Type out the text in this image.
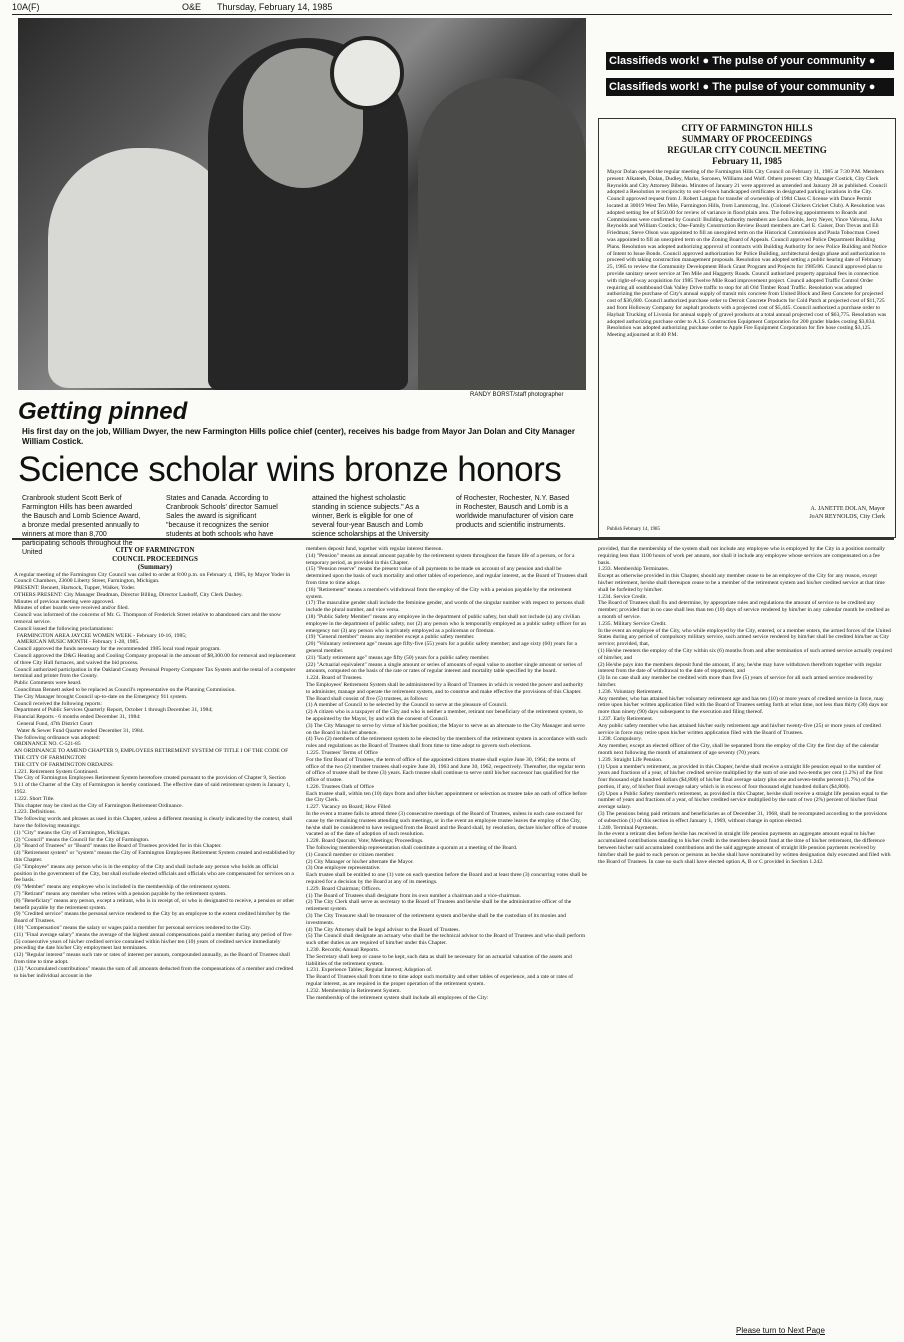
10A(F)	O&E Thursday, February 14, 1985
RANDY BORST/staff photographer
Getting pinned
His first day on the job, William Dwyer, the new Farmington Hills police chief (center), receives his badge from Mayor Jan Dolan and City Manager William Costick.
Science scholar wins bronze honors
Cranbrook student Scott Berk of Farmington Hills has been awarded the Bausch and Lomb Science Award, a bronze medal presented annually to winners at more than 8,700 participating schools throughout the United
States and Canada. According to Cranbrook Schools' director Samuel Sales the award is significant "because it recognizes the senior students at both schools who have
attained the highest scholastic standing in science subjects." As a winner, Berk is eligible for one of several four-year Bausch and Lomb science scholarships at the University
of Rochester, Rochester, N.Y. Based in Rochester, Bausch and Lomb is a worldwide manufacturer of vision care products and scientific instruments.
Classifieds work! ● The pulse of your community ●
Classifieds work! ● The pulse of your community ●
CITY OF FARMINGTON HILLS
SUMMARY OF PROCEEDINGS
REGULAR CITY COUNCIL MEETING
February 11, 1985
Mayor Dolan opened the regular meeting of the Farmington Hills City Council on February 11, 1985 at 7:30 P.M. Members present: Alkateeb, Dolan, Dudley, Marks, Soronen, Williams and Wolf. Others present: City Manager Costick, City Clerk Reynolds and City Attorney Bibeau. Minutes of January 21 were approved as amended and January 28 as published. Council adopted a Resolution re reciprocity to out-of-town handicapped certificates in designated parking locations in the City. Council approved request from J. Robert Langan for transfer of ownership of 1984 Class C license with Dance Permit located at 30019 West Ten Mile, Farmington Hills, from Lammcrag, Inc. (Colonel Clickers Cricket Club). A Resolution was adopted setting fee of $150.00 for review of variance in flood plain area. The following appointments to Boards and Commissions were confirmed by Council: Building Authority members are Leon Kohls, Jerry Neyer, Vince Valvona, JoAn Reynolds and William Costick; One-Family Construction Review Board members are Carl E. Gaiser, Don Trevas and Eli Friedman; Steve Olson was appointed to fill an unexpired term on the Historical Commission and Paula Tobocman Creed was appointed to fill an unexpired term on the Zoning Board of Appeals. Council approved Police Department Building Plans. Resolution was adopted authorizing approval of contracts with Building Authority for new Police Building and Notice of Intent to Issue Bonds. Council approved authorization for Police Building, architectural design phase and authorization to proceed with taking construction management proposals. Resolution was adopted setting a public hearing date of February 25, 1985 to review the Community Development Block Grant Program and Projects for 1985/86. Council approved plan to provide sanitary sewer service at Ten Mile and Haggerty Roads. Council authorized property appraisal fees in connection with right-of-way acquisition for 1985 Twelve Mile Road improvement project. Council adopted Traffic Control Order requiring all southbound Oak Valley Drive traffic to stop for all Old Timber Road Traffic. Resolution was adopted authorizing the purchase of City's annual supply of transit mix concrete from United Block and Best Concrete for projected cost of $36,680. Council authorized purchase order to Detroit Concrete Products for Cold Patch at projected cost of $11,725 and from Holloway Company for asphalt products with a projected cost of $5,445. Council authorized a purchase order to Haybait Trucking of Livonia for annual supply of gravel products at a total annual projected cost of $63,775. Resolution was adopted authorizing purchase order to A.I.S. Construction Equipment Corporation for 200 grader blades costing $3,834. Resolution was adopted authorizing purchase order to Apple Fire Equipment Corporation for fire hose costing $3,125. Meeting adjourned at 8:40 P.M.
A. JANETTE DOLAN, Mayor
JoAN REYNOLDS, City Clerk
Publish February 14, 1985
CITY OF FARMINGTON
COUNCIL PROCEEDINGS
(Summary)
A regular meeting of the Farmington City Council was called to order at 8:00 p.m. on February 4, 1985, by Mayor Yoder in Council Chambers, 23600 Liberty Street, Farmington, Michigan.
PRESENT: Bennett, Hartsock, Tupper, Walker, Yoder.
OTHERS PRESENT: City Manager Deadman, Director Billing, Director Lauhoff, City Clerk Dushey.
Minutes of previous meeting were approved.
Minutes of other boards were received and/or filed.
Council was informed of the concerns of Mr. G. Thompson of Frederick Street relative to abandoned cars and the snow removal service.
Council issued the following proclamations:
FARMINGTON AREA JAYCEE WOMEN WEEK - February 10-16, 1985;
AMERICAN MUSIC MONTH - February 1-28, 1985.
Council approved the funds necessary for the recommended 1985 local road repair program.
Council approved the D&G Heating and Cooling Company proposal in the amount of $8,300.00 for removal and replacement of three City Hall furnaces, and waived the bid process.
Council authorized participation in the Oakland County Personal Property Computer Tax System and the rental of a computer terminal and printer from the County.
Public Comments were heard.
Councilman Bennett asked to be replaced as Council's representative on the Planning Commission.
The City Manager brought Council up-to-date on the Emergency 911 system.
Council received the following reports:
Department of Public Services Quarterly Report, October 1 through December 31, 1984;
Financial Reports - 6 months ended December 31, 1984:
General Fund, 47th District Court
Water & Sewer Fund Quarter ended December 31, 1984.
The following ordinance was adopted:
ORDINANCE NO. C-521-85
AN ORDINANCE TO AMEND CHAPTER 9, EMPLOYEES RETIREMENT SYSTEM OF TITLE I OF THE CODE OF THE CITY OF FARMINGTON
THE CITY OF FARMINGTON ORDAINS:
1.221. Retirement System Continued.
The City of Farmington Employees Retirement System heretofore created pursuant to the provision of Chapter 9, Section 9.11 of the Charter of the City of Farmington is hereby continued. The effective date of said retirement system is January 1, 1952.
1.222. Short Title.
This chapter may be cited as the City of Farmington Retirement Ordinance.
1.223. Definitions.
The following words and phrases as used in this Chapter, unless a different meaning is clearly indicated by the context, shall have the following meanings:
(1) "City" means the City of Farmington, Michigan.
(2) "Council" means the Council for the City of Farmington.
(3) "Board of Trustees" or "Board" means the Board of Trustees provided for in this Chapter.
(4) "Retirement system" or "system" means the City of Farmington Employees Retirement System created and established by this Chapter.
(5) "Employee" means any person who is in the employ of the City and shall include any person who holds an official position in the government of the City, but shall exclude elected officials and officials who are compensated for services on a fee basis.
(6) "Member" means any employee who is included in the membership of the retirement system.
(7) "Retirant" means any member who retires with a pension payable by the retirement system.
(8) "Beneficiary" means any person, except a retirant, who is in receipt of, or who is designated to receive, a pension or other benefit payable by the retirement system.
(9) "Credited service" means the personal service rendered to the City by an employee to the extent credited him/her by the Board of Trustees.
(10) "Compensation" means the salary or wages paid a member for personal services rendered to the City.
(11) "Final average salary" means the average of the highest annual compensations paid a member during any period of five (5) consecutive years of his/her credited service contained within his/her ten (10) years of credited service immediately preceding the date his/her City employment last terminates.
(12) "Regular interest" means such rate or rates of interest per annum, compounded annually, as the Board of Trustees shall from time to time adopt.
(13) "Accumulated contributions" means the sum of all amounts deducted from the compensations of a member and credited to his/her individual account in the
members deposit fund, together with regular interest thereon.
(14) "Pension" means an annual amount payable by the retirement system throughout the future life of a person, or for a temporary period, as provided in this Chapter.
(15) "Pension reserve" means the present value of all payments to be made on account of any pension and shall be determined upon the basis of such mortality and other tables of experience, and regular interest, as the Board of Trustees shall from time to time adopt.
(16) "Retirement" means a member's withdrawal from the employ of the City with a pension payable by the retirement system.
(17) The masculine gender shall include the feminine gender, and words of the singular number with respect to persons shall include the plural number, and vice versa.
(18) "Public Safety Member" means any employee in the department of public safety, but shall not include (a) any civilian employee in the department of public safety, nor (2) any person who is temporarily employed as a public safety officer for an emergency nor (3) any person who is privately employed as a policeman or fireman.
(19) "General member" means any member except a public safety member.
(20) "Voluntary retirement age" means age fifty-five (55) years for a public safety member; and age sixty (60) years for a general member.
(21) "Early retirement age" means age fifty (50) years for a public safety member.
(22) "Actuarial equivalent" means a single amount or series of amounts of equal value to another single amount or series of amounts, computed on the basis of the rate or rates of regular interest and mortality table specified by the board.
1.224. Board of Trustees.
The Employees' Retirement System shall be administered by a Board of Trustees in which is vested the power and authority to administer, manage and operate the retirement system, and to construe and make effective the provisions of this Chapter. The Board shall consist of five (5) trustees, as follows:
(1) A member of Council to be selected by the Council to serve at the pleasure of Council.
(2) A citizen who is a taxpayer of the City and who is neither a member, retirant nor beneficiary of the retirement system, to be appointed by the Mayor, by and with the consent of Council.
(3) The City Manager to serve by virtue of his/her position; the Mayor to serve as an alternate to the City Manager and serve on the Board in his/her absence.
(4) Two (2) members of the retirement system to be elected by the members of the retirement system in accordance with such rules and regulations as the Board of Trustees shall from time to time adopt to govern such elections.
1.225. Trustees' Terms of Office
For the first Board of Trustees, the term of office of the appointed citizen trustee shall expire June 30, 1964; the terms of office of the two (2) member trustees shall expire June 30, 1963 and June 30, 1962, respectively. Thereafter, the regular term of office of trustee shall be three (3) years. Each trustee shall continue to serve until his/her successor has qualified for the office of trustee.
1.226. Trustees Oath of Office
Each trustee shall, within ten (10) days from and after his/her appointment or selection as trustee take an oath of office before the City Clerk.
1.227. Vacancy on Board; How Filled
In the event a trustee fails to attend three (3) consecutive meetings of the Board of Trustees, unless in each case excused for cause by the remaining trustees attending such meetings, or in the event an employee trustee leaves the employ of the City, he/she shall be considered to have resigned from the Board and the Board shall, by resolution, declare his/her office of trustee vacated as of the date of adoption of such resolution.
1.228. Board Quorum; Vote; Meetings; Proceedings.
The following membership representation shall constitute a quorum at a meeting of the Board.
(1) Council member or citizen member.
(2) City Manager or his/her alternate the Mayor.
(3) One employee representative.
Each trustee shall be entitled to one (1) vote on each question before the Board and at least three (3) concurring votes shall be required for a decision by the Board at any of its meetings.
1.229. Board Chairman; Officers.
(1) The Board of Trustees shall designate from its own number a chairman and a vice-chairman.
(2) The City Clerk shall serve as secretary to the Board of Trustees and be/she shall be the administrative officer of the retirement system.
(3) The City Treasurer shall be treasurer of the retirement system and be/she shall be the custodian of its monies and investments.
(4) The City Attorney shall be legal advisor to the Board of Trustees.
(5) The Council shall designate an actuary who shall be the technical advisor to the Board of Trustees and who shall perform such other duties as are required of him/her under this Chapter.
1.230. Records; Annual Reports.
The Secretary shall keep or cause to be kept, such data as shall be necessary for an actuarial valuation of the assets and liabilities of the retirement system.
1.231. Experience Tables; Regular Interest; Adoption of.
The Board of Trustees shall from time to time adopt such mortality and other tables of experience, and a rate or rates of regular interest, as are required in the proper operation of the retirement system.
1.232. Membership in Retirement System.
The membership of the retirement system shall include all employees of the City:
provided, that the membership of the system shall not include any employee who is employed by the City in a position normally requiring less than 1100 hours of work per annum, nor shall it include any employee whose services are compensated on a fee basis.
1.233. Membership Terminates.
Except as otherwise provided in this Chapter, should any member cease to be an employee of the City for any reason, except his/her retirement, he/she shall thereupon cease to be a member of the retirement system and his/her credited service at that time shall be forfeited by him/her.
1.234. Service Credit.
The Board of Trustees shall fix and determine, by appropriate rules and regulations the amount of service to be credited any member; provided that in no case shall less than ten (10) days of service rendered by him/her in any calendar month be credited as a month of service.
1.235. Military Service Credit.
In the event an employee of the City, who while employed by the City, entered, or a member enters, the armed forces of the United States during any period of compulsory military service, such armed service rendered by him/her shall be credited him/her as City service; provided, that,
(1) He/she reenters the employ of the City within six (6) months from and after termination of such armed service actually required of him/her, and
(2) He/she pays into the members deposit fund the amount, if any, he/she may have withdrawn therefrom together with regular interest from the date of withdrawal to the date of repayment, and
(3) In no case shall any member be credited with more than five (5) years of service for all such armed service rendered by him/her.
1.236. Voluntary Retirement.
Any member, who has attained his/her voluntary retirement age and has ten (10) or more years of credited service in force, may retire upon his/her written application filed with the Board of Trustees setting forth at what time, not less than thirty (30) days nor more than ninety (90) days subsequent to the execution and filing thereof.
1.237. Early Retirement.
Any public safety member who has attained his/her early retirement age and his/her twenty-five (25) or more years of credited service in force may retire upon his/her written application filed with the Board of Trustees.
1.238. Compulsory.
Any member, except an elected officer of the City, shall be separated from the employ of the City the first day of the calendar month next following the month of attainment of age seventy (70) years.
1.239. Straight Life Pension.
(1) Upon a member's retirement, as provided in this Chapter, he/she shall receive a straight life pension equal to the number of years and fractions of a year, of his/her credited service multiplied by the sum of one and two-tenths per cent (1.2%) of the first four thousand eight hundred dollars ($4,800) of his/her final average salary plus one and seven-tenths percent (1.7%) of the portion, if any, of his/her final average salary which is in excess of four thousand eight hundred dollars ($4,800).
(2) Upon a Public Safety member's retirement, as provided in this Chapter, he/she shall receive a straight life pension equal to the number of years and fractions of a year, of his/her credited service multiplied by the sum of two (2%) percent of his/her final average salary.
(3) The pensions being paid retirants and beneficiaries as of December 31, 1968, shall be recomputed according to the provisions of subsection (1) of this section in effect January 1, 1969, without change in option elected.
1.240. Terminal Payments.
In the event a retirant dies before he/she has received in straight life pension payments an aggregate amount equal to his/her accumulated contributions standing to his/her credit in the members deposit fund at the time of his/her retirement, the difference between his/her said accumulated contributions and the said aggregate amount of straight life pension payments received by him/her shall be paid to such person or persons as he/she shall have nominated by written designation duly executed and filed with the Board of Trustees. In case no such shall have elected option A, B or C provided in Section 1.242.
Please turn to Next Page
